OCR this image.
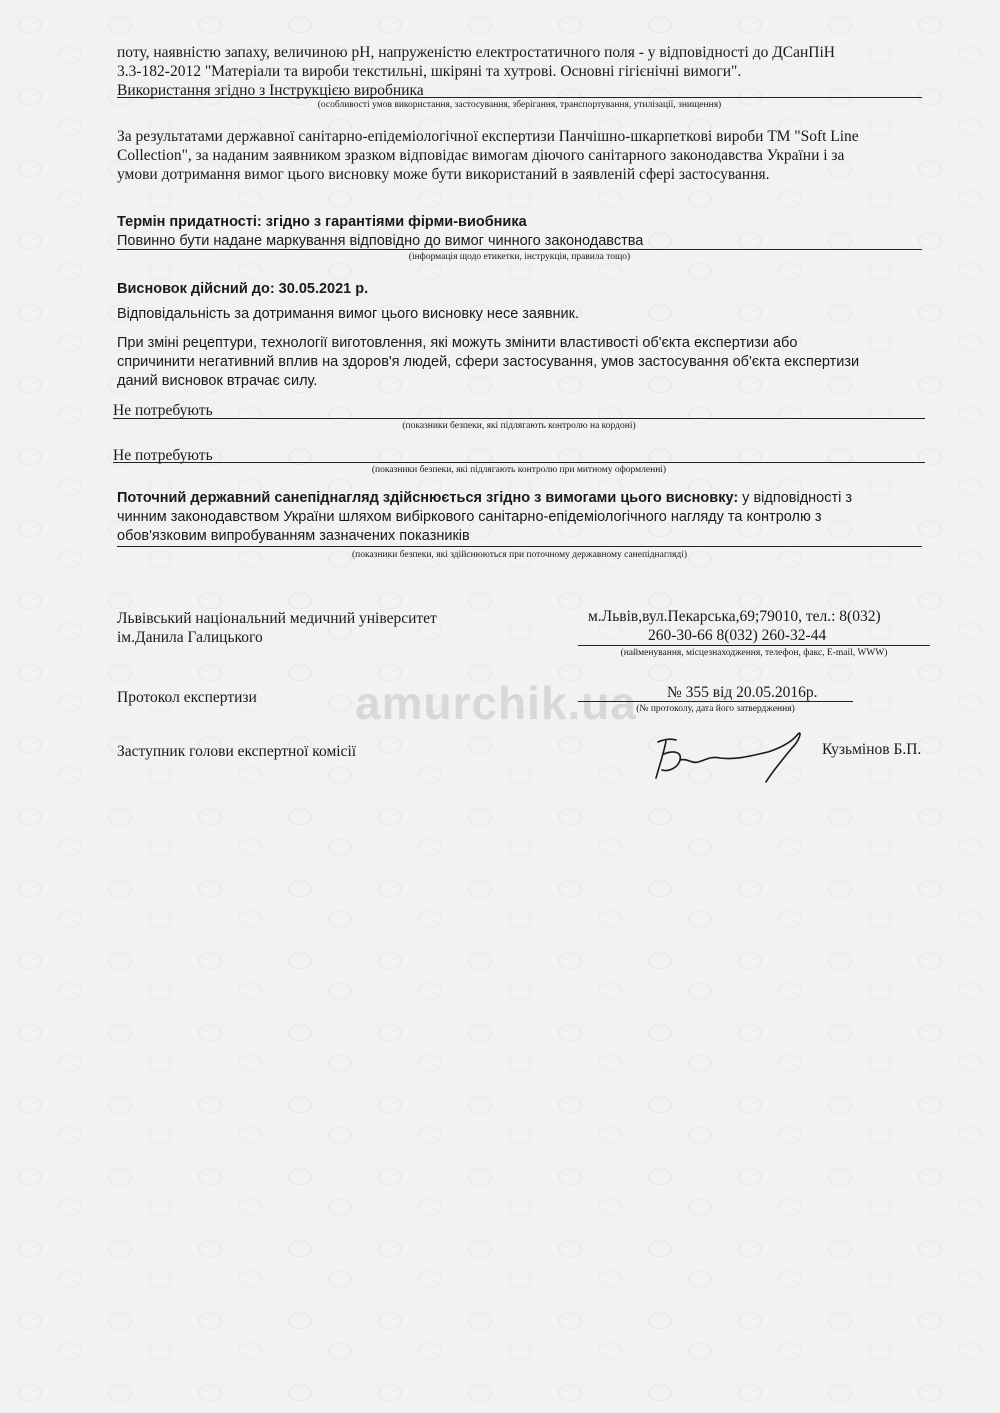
поту, наявністю запаху, величиною рН, напруженістю електростатичного поля - у відповідності до ДСанПіН
3.3-182-2012 "Матеріали та вироби текстильні, шкіряні та хутрові. Основні гігієнічні вимоги".
Використання згідно з Інструкцією виробника
(особливості умов використання, застосування, зберігання, транспортування, утилізації, знищення)
За результатами державної санітарно-епідеміологічної експертизи Панчішно-шкарпеткові вироби ТМ "Soft Line
Collection", за наданим заявником зразком відповідає вимогам діючого санітарного законодавства України і за
умови дотримання вимог цього висновку може бути використаний в заявленій сфері застосування.
Термін придатності: згідно з гарантіями фірми-виобника
Повинно бути надане маркування відповідно до вимог чинного законодавства
(інформація щодо етикетки, інструкція, правила тощо)
Висновок дійсний до: 30.05.2021 р.
Відповідальність за дотримання вимог цього висновку несе заявник.
При зміні рецептури, технології виготовлення, які можуть змінити властивості об'єкта експертизи або
спричинити негативний вплив на здоров'я людей, сфери застосування, умов застосування об'єкта експертизи
даний висновок втрачає силу.
Не потребують
(показники безпеки, які підлягають контролю на кордоні)
Не потребують
(показники безпеки, які підлягають контролю при митному оформленні)
Поточний державний санепіднагляд здійснюється згідно з вимогами цього висновку: у відповідності з
чинним законодавством України шляхом вибіркового санітарно-епідеміологічного нагляду та контролю з
обов'язковим випробуванням зазначених показників
(показники безпеки, які здійснюються при поточному державному санепіднагляді)
Львівський національний медичний університет
ім.Данила Галицького
м.Львів,вул.Пекарська,69;79010, тел.: 8(032)
260-30-66 8(032) 260-32-44
(найменування, місцезнаходження, телефон, факс, E-mail, WWW)
amurchik.ua
Протокол експертизи	№ 355 від 20.05.2016р.
(№ протоколу, дата його затвердження)
Заступник голови експертної комісії	Кузьмінов Б.П.
